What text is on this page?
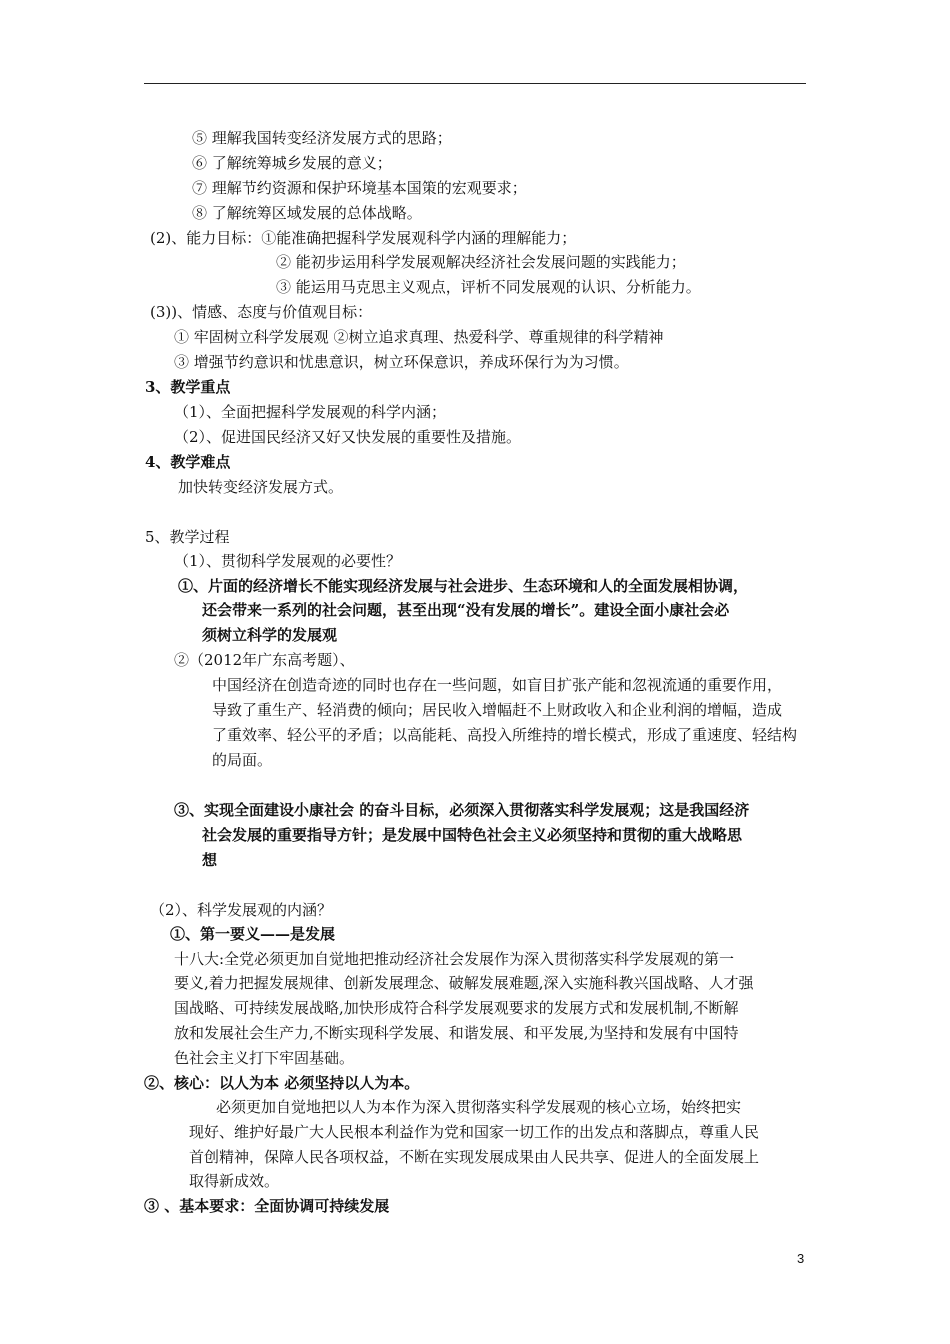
⑤ 理解我国转变经济发展方式的思路；
⑥ 了解统筹城乡发展的意义；
⑦ 理解节约资源和保护环境基本国策的宏观要求；
⑧ 了解统筹区域发展的总体战略。
(2)、能力目标：①能准确把握科学发展观科学内涵的理解能力；
② 能初步运用科学发展观解决经济社会发展问题的实践能力；
③ 能运用马克思主义观点，评析不同发展观的认识、分析能力。
(3))、情感、态度与价值观目标：
① 牢固树立科学发展观 ②树立追求真理、热爱科学、尊重规律的科学精神
③ 增强节约意识和忧患意识，树立环保意识，养成环保行为为习惯。
3、教学重点
（1）、全面把握科学发展观的科学内涵；
（2）、促进国民经济又好又快发展的重要性及措施。
4、教学难点
加快转变经济发展方式。
5、教学过程
（1）、贯彻科学发展观的必要性？
①、片面的经济增长不能实现经济发展与社会进步、生态环境和人的全面发展相协调，
还会带来一系列的社会问题，甚至出现“没有发展的增长”。建设全面小康社会必
须树立科学的发展观
②（2012年广东高考题）、
中国经济在创造奇迹的同时也存在一些问题，如盲目扩张产能和忽视流通的重要作用，
导致了重生产、轻消费的倾向；居民收入增幅赶不上财政收入和企业利润的增幅，造成
了重效率、轻公平的矛盾；以高能耗、高投入所维持的增长模式，形成了重速度、轻结构
的局面。
③、实现全面建设小康社会 的奋斗目标，必须深入贯彻落实科学发展观；这是我国经济
社会发展的重要指导方针；是发展中国特色社会主义必须坚持和贯彻的重大战略思
想
（2）、科学发展观的内涵？
①、第一要义——是发展
十八大:全党必须更加自觉地把推动经济社会发展作为深入贯彻落实科学发展观的第一
要义,着力把握发展规律、创新发展理念、破解发展难题,深入实施科教兴国战略、人才强
国战略、可持续发展战略,加快形成符合科学发展观要求的发展方式和发展机制,不断解
放和发展社会生产力,不断实现科学发展、和谐发展、和平发展,为坚持和发展有中国特
色社会主义打下牢固基础。
②、核心：以人为本 必须坚持以人为本。
必须更加自觉地把以人为本作为深入贯彻落实科学发展观的核心立场，始终把实
现好、维护好最广大人民根本利益作为党和国家一切工作的出发点和落脚点，尊重人民
首创精神，保障人民各项权益，不断在实现发展成果由人民共享、促进人的全面发展上
取得新成效。
③ 、基本要求：全面协调可持续发展
3
